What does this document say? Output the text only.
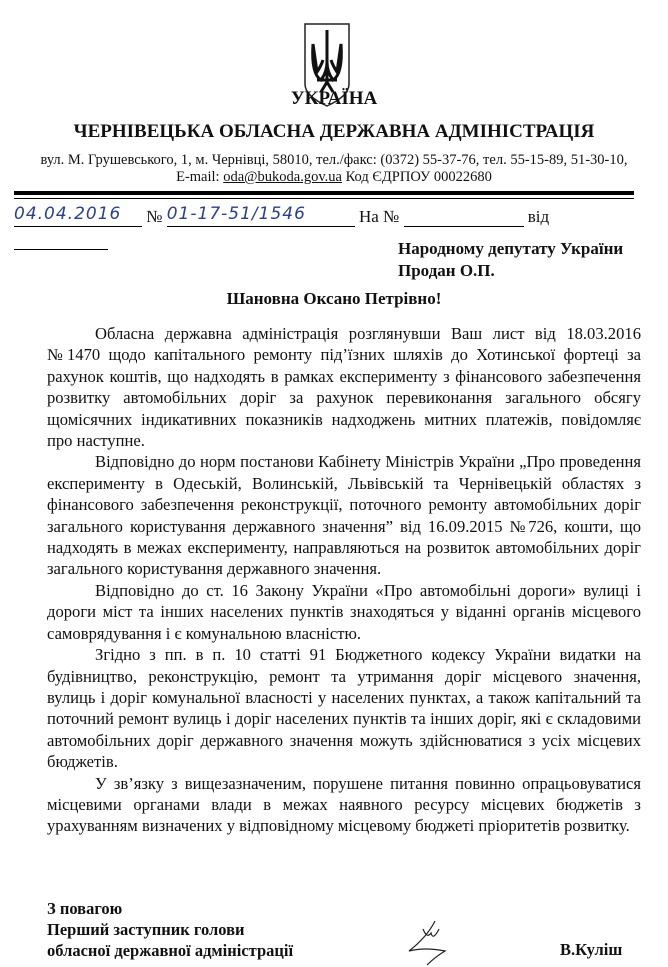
УКРАЇНА
ЧЕРНІВЕЦЬКА ОБЛАСНА ДЕРЖАВНА АДМІНІСТРАЦІЯ
вул. М. Грушевського, 1, м. Чернівці, 58010, тел./факс: (0372) 55-37-76, тел. 55-15-89, 51-30-10,
E-mail: oda@bukoda.gov.ua Код ЄДРПОУ 00022680
04.04.2016 № 01-17-51/1546	На №	від
Народному депутату України
Продан О.П.
Шановна Оксано Петрівно!

Обласна державна адміністрація розглянувши Ваш лист від 18.03.2016 №1470 щодо капітального ремонту під’їзних шляхів до Хотинської фортеці за рахунок коштів, що надходять в рамках експерименту з фінансового забезпечення розвитку автомобільних доріг за рахунок перевиконання загального обсягу щомісячних індикативних показників надходжень митних платежів, повідомляє про наступне.

Відповідно до норм постанови Кабінету Міністрів України „Про проведення експерименту в Одеській, Волинській, Львівській та Чернівецькій областях з фінансового забезпечення реконструкції, поточного ремонту автомобільних доріг загального користування державного значення” від 16.09.2015 №726, кошти, що надходять в межах експерименту, направляються на розвиток автомобільних доріг загального користування державного значення.

Відповідно до ст. 16 Закону України «Про автомобільні дороги» вулиці і дороги міст та інших населених пунктів знаходяться у віданні органів місцевого самоврядування і є комунальною власністю.

Згідно з пп. в п. 10 статті 91 Бюджетного кодексу України видатки на будівництво, реконструкцію, ремонт та утримання доріг місцевого значення, вулиць і доріг комунальної власності у населених пунктах, а також капітальний та поточний ремонт вулиць і доріг населених пунктів та інших доріг, які є складовими автомобільних доріг державного значення можуть здійснюватися з усіх місцевих бюджетів.

У зв’язку з вищезазначеним, порушене питання повинно опрацьовуватися місцевими органами влади в межах наявного ресурсу місцевих бюджетів з урахуванням визначених у відповідному місцевому бюджеті пріоритетів розвитку.

З повагою
Перший заступник голови
обласної державної адміністрації	В.Куліш
